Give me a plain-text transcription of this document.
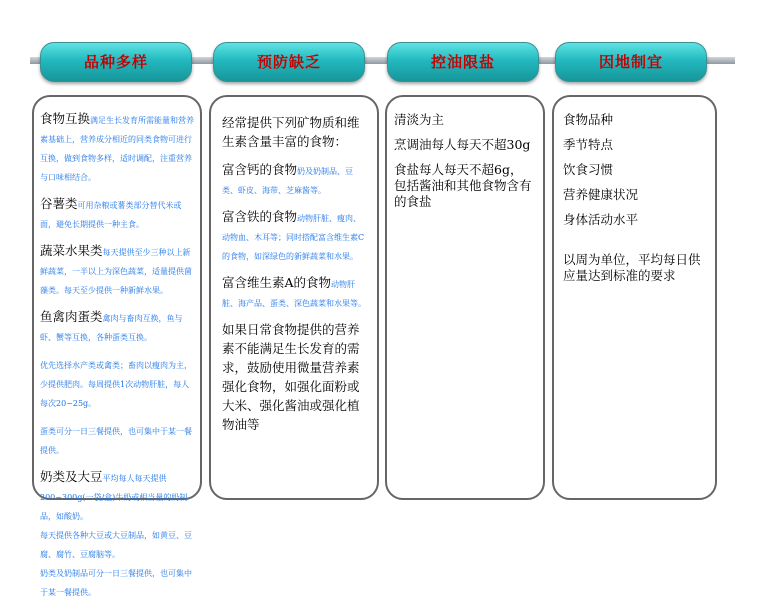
品种多样	预防缺乏	控油限盐	因地制宜
食物互换满足生长发育所需能量和营养素基础上，营养成分相近的同类食物可进行互换，做到食物多样，适时调配，注重营养与口味相结合。
谷薯类可用杂粮或薯类部分替代米或面，避免长期提供一种主食。
蔬菜水果类每天提供至少三种以上新鲜蔬菜，一半以上为深色蔬菜，适量提供菌藻类。每天至少提供一种新鲜水果。
鱼禽肉蛋类禽肉与畜肉互换，鱼与虾、蟹等互换，各种蛋类互换。
优先选择水产类或禽类；畜肉以瘦肉为主，少提供肥肉。每周提供1次动物肝脏，每人每次20~25g。
蛋类可分一日三餐提供，也可集中于某一餐提供。
奶类及大豆平均每人每天提供200~300g(一袋/盒)牛奶或相当量的奶制品，如酸奶。
每天提供各种大豆或大豆制品，如黄豆、豆腐、腐竹、豆腐脑等。
奶类及奶制品可分一日三餐提供，也可集中于某一餐提供。
经常提供下列矿物质和维生素含量丰富的食物：
富含钙的食物奶及奶制品、豆类、虾皮、海带、芝麻酱等。
富含铁的食物动物肝脏、瘦肉、动物血、木耳等；同时搭配富含维生素C的食物，如深绿色的新鲜蔬菜和水果。
富含维生素A的食物动物肝脏、海产品、蛋类、深色蔬菜和水果等。
如果日常食物提供的营养素不能满足生长发育的需求，鼓励使用微量营养素强化食物，如强化面粉或大米、强化酱油或强化植物油等
清淡为主
烹调油每人每天不超30g
食盐每人每天不超6g，包括酱油和其他食物含有的食盐
食物品种
季节特点
饮食习惯
营养健康状况
身体活动水平
以周为单位，平均每日供应量达到标准的要求
